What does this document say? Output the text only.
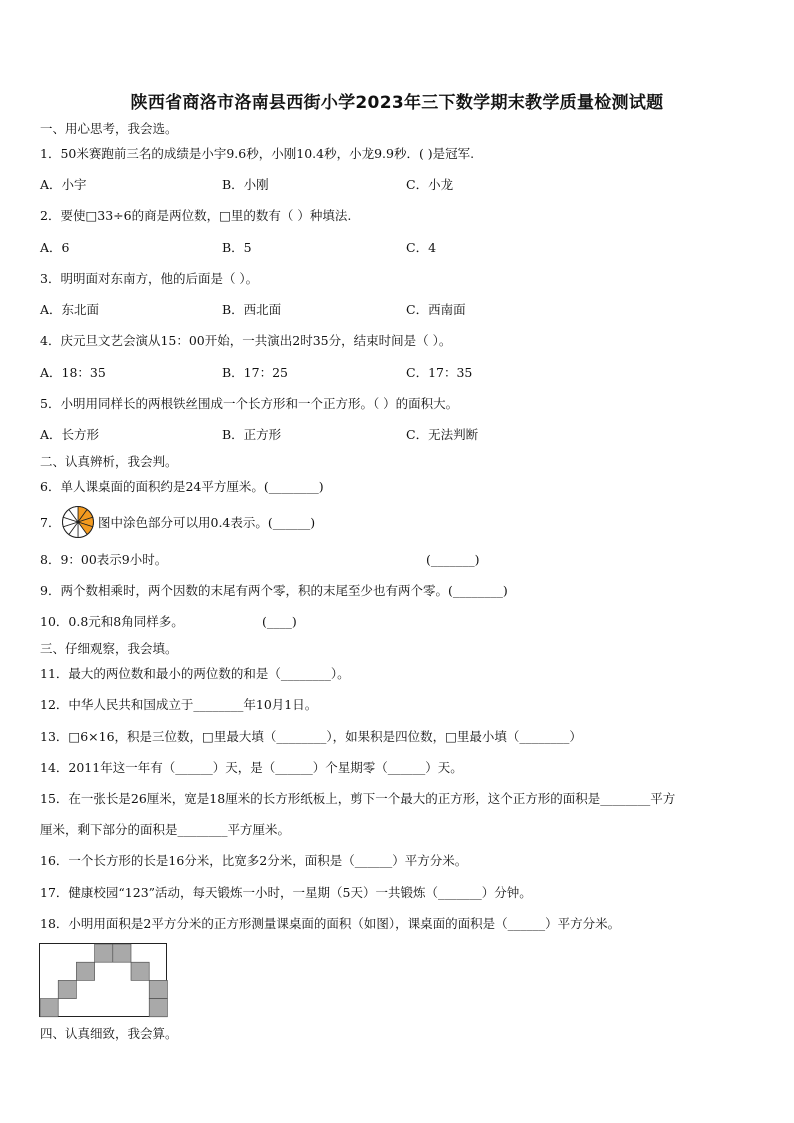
陕西省商洛市洛南县西街小学2023年三下数学期末教学质量检测试题
一、用心思考，我会选。
1．50米赛跑前三名的成绩是小宇9.6秒，小刚10.4秒，小龙9.9秒．( )是冠军.
A．小宇	B．小刚	C．小龙
2．要使□33÷6的商是两位数，□里的数有（ ）种填法.
A．6	B．5	C．4
3．明明面对东南方，他的后面是（ ）。
A．东北面	B．西北面	C．西南面
4．庆元旦文艺会演从15：00开始，一共演出2时35分，结束时间是（ ）。
A．18：35	B．17：25	C．17：35
5．小明用同样长的两根铁丝围成一个长方形和一个正方形。（ ）的面积大。
A．长方形	B．正方形	C．无法判断
二、认真辨析，我会判。
6．单人课桌面的面积约是24平方厘米。(________)
7．	图中涂色部分可以用0.4表示。(______)
8．9：00表示9小时。	(_______)
9．两个数相乘时，两个因数的末尾有两个零，积的末尾至少也有两个零。(________)
10．0.8元和8角同样多。	(____)
三、仔细观察，我会填。
11．最大的两位数和最小的两位数的和是（________）。
12．中华人民共和国成立于________年10月1日。
13．□6×16，积是三位数，□里最大填（________），如果积是四位数，□里最小填（________）
14．2011年这一年有（______）天，是（______）个星期零（______）天。
15．在一张长是26厘米，宽是18厘米的长方形纸板上，剪下一个最大的正方形，这个正方形的面积是________平方
厘米，剩下部分的面积是________平方厘米。
16．一个长方形的长是16分米，比宽多2分米，面积是（______）平方分米。
17．健康校园“123”活动，每天锻炼一小时，一星期（5天）一共锻炼（_______）分钟。
18．小明用面积是2平方分米的正方形测量课桌面的面积（如图），课桌面的面积是（______）平方分米。
四、认真细致，我会算。
